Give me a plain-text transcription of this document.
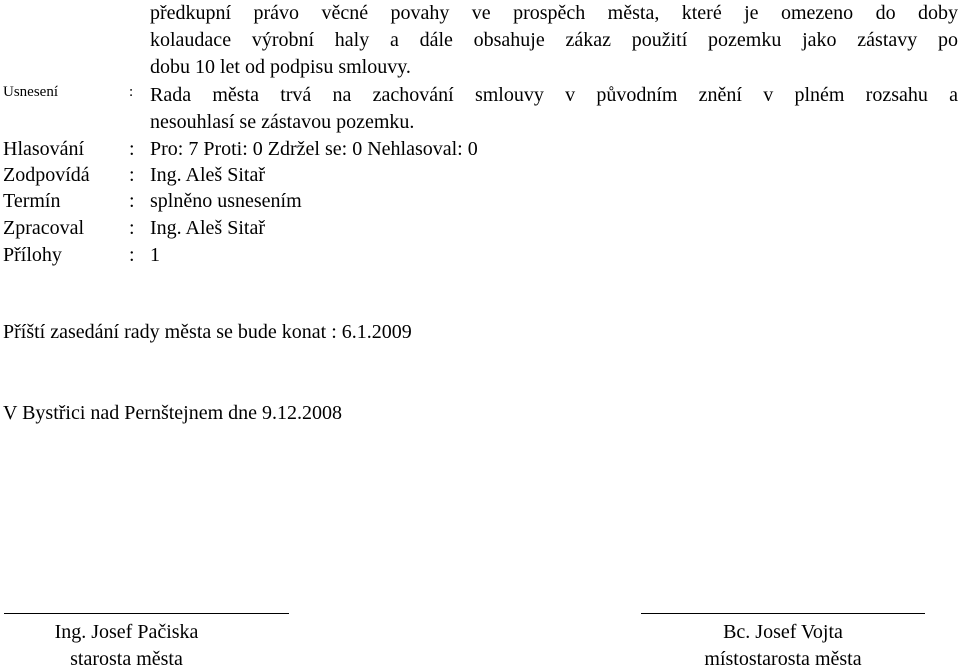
předkupní právo věcné povahy ve prospěch města, které je omezeno do doby
kolaudace výrobní haly a dále obsahuje zákaz použití pozemku jako zástavy po
dobu 10 let od podpisu smlouvy.
Usnesení	: Rada města trvá na zachování smlouvy v původním znění v plném rozsahu a
nesouhlasí se zástavou pozemku.
Hlasování : Pro: 7 Proti: 0 Zdržel se: 0 Nehlasoval: 0
Zodpovídá : Ing. Aleš Sitař
Termín	: splněno usnesením
Zpracoval : Ing. Aleš Sitař
Přílohy	: 1
Příští zasedání rady města se bude konat : 6.1.2009
V Bystřici nad Pernštejnem dne 9.12.2008
Ing. Josef Pačiska
starosta města
Bc. Josef Vojta
místostarosta města
